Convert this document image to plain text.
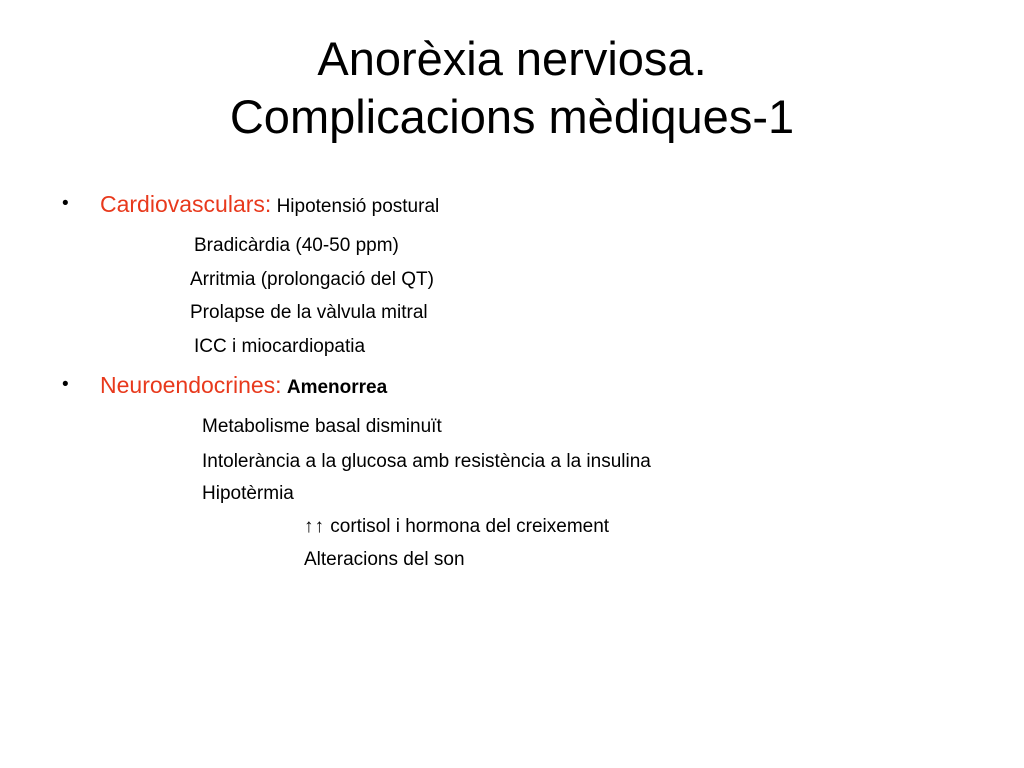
Anorèxia nerviosa.
Complicacions mèdiques-1
• Cardiovasculars: Hipotensió postural
Bradicàrdia (40-50 ppm)
Arritmia (prolongació del QT)
Prolapse de la vàlvula mitral
ICC i miocardiopatia
• Neuroendocrines: Amenorrea
Metabolisme basal disminuït
Intolerància a la glucosa amb resistència a la insulina
Hipotèrmia
↑↑ cortisol i hormona del creixement
Alteracions del son
